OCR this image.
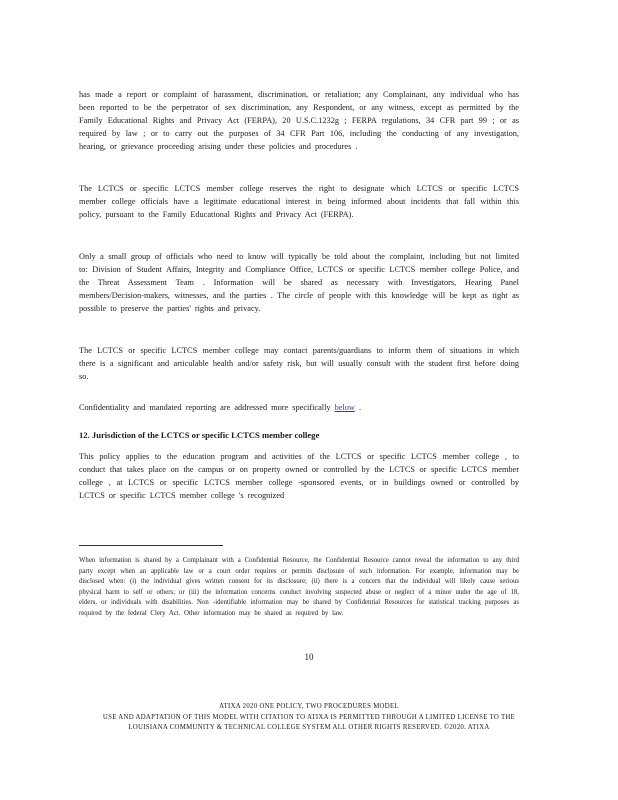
has made a report or complaint of harassment, discrimination, or retaliation; any Complainant, any individual who has been reported to be the perpetrator of sex discrimination, any Respondent, or any witness, except as permitted by the Family Educational Rights and Privacy Act (FERPA), 20 U.S.C.1232g ; FERPA regulations, 34 CFR part 99 ; or as required by law ; or to carry out the purposes of 34 CFR Part 106, including the conducting of any investigation, hearing, or grievance proceeding arising under these policies and procedures .

The LCTCS or specific LCTCS member college reserves the right to designate which LCTCS or specific LCTCS member college officials have a legitimate educational interest in being informed about incidents that fall within this policy, pursuant to the Family Educational Rights and Privacy Act (FERPA).

Only a small group of officials who need to know will typically be told about the complaint, including but not limited to: Division of Student Affairs, Integrity and Compliance Office, LCTCS or specific LCTCS member college Police, and the Threat Assessment Team . Information will be shared as necessary with Investigators, Hearing Panel members/Decision-makers, witnesses, and the parties . The circle of people with this knowledge will be kept as tight as possible to preserve the parties' rights and privacy.

The LCTCS or specific LCTCS member college may contact parents/guardians to inform them of situations in which there is a significant and articulable health and/or safety risk, but will usually consult with the student first before doing so.

Confidentiality and mandated reporting are addressed more specifically below .

12. Jurisdiction of the LCTCS or specific LCTCS member college

This policy applies to the education program and activities of the LCTCS or specific LCTCS member college , to conduct that takes place on the campus or on property owned or controlled by the LCTCS or specific LCTCS member college , at LCTCS or specific LCTCS member college -sponsored events, or in buildings owned or controlled by LCTCS or specific LCTCS member college 's recognized

When information is shared by a Complainant with a Confidential Resource, the Confidential Resource cannot reveal the information to any third party except when an applicable law or a court order requires or permits disclosure of such information. For example, information may be disclosed when: (i) the individual gives written consent for its disclosure; (ii) there is a concern that the individual will likely cause serious physical harm to self or others; or (iii) the information concerns conduct involving suspected abuse or neglect of a minor under the age of 18, elders, or individuals with disabilities. Non -identifiable information may be shared by Confidential Resources for statistical tracking purposes as required by the federal Clery Act. Other information may be shared as required by law.

10
ATIXA 2020 ONE POLICY, TWO PROCEDURES MODEL
USE AND ADAPTATION OF THIS MODEL WITH CITATION TO ATIXA IS PERMITTED THROUGH A LIMITED LICENSE TO THE
LOUISIANA COMMUNITY & TECHNICAL COLLEGE SYSTEM ALL OTHER RIGHTS RESERVED. ©2020. ATIXA
